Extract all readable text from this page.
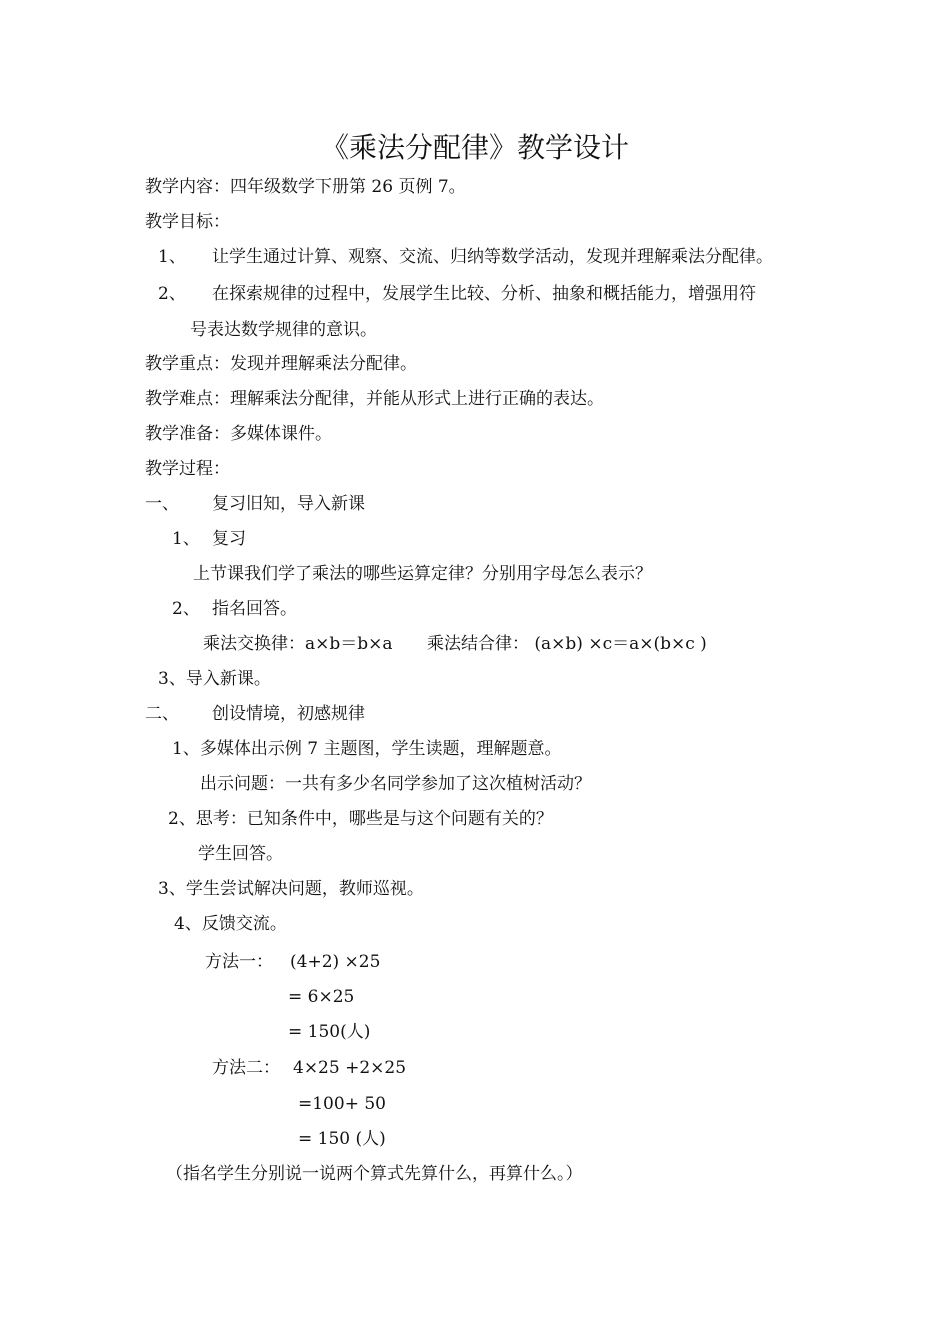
《乘法分配律》教学设计
教学内容：四年级数学下册第 26 页例 7。
教学目标：
1、 让学生通过计算、观察、交流、归纳等数学活动，发现并理解乘法分配律。
2、 在探索规律的过程中，发展学生比较、分析、抽象和概括能力，增强用符
号表达数学规律的意识。
教学重点：发现并理解乘法分配律。
教学难点：理解乘法分配律，并能从形式上进行正确的表达。
教学准备：多媒体课件。
教学过程：
一、 复习旧知，导入新课
1、 复习
上节课我们学了乘法的哪些运算定律？分别用字母怎么表示？
2、 指名回答。
乘法交换律：a×b＝b×a 乘法结合律： (a×b) ×c＝a×(b×c )
3、导入新课。
二、 创设情境，初感规律
1、多媒体出示例 7 主题图，学生读题，理解题意。
出示问题：一共有多少名同学参加了这次植树活动？
2、思考：已知条件中，哪些是与这个问题有关的？
学生回答。
3、学生尝试解决问题，教师巡视。
4、反馈交流。
方法一： (4+2) ×25
= 6×25
= 150(人)
方法二： 4×25 +2×25
=100+ 50
= 150 (人)
（指名学生分别说一说两个算式先算什么，再算什么。）
